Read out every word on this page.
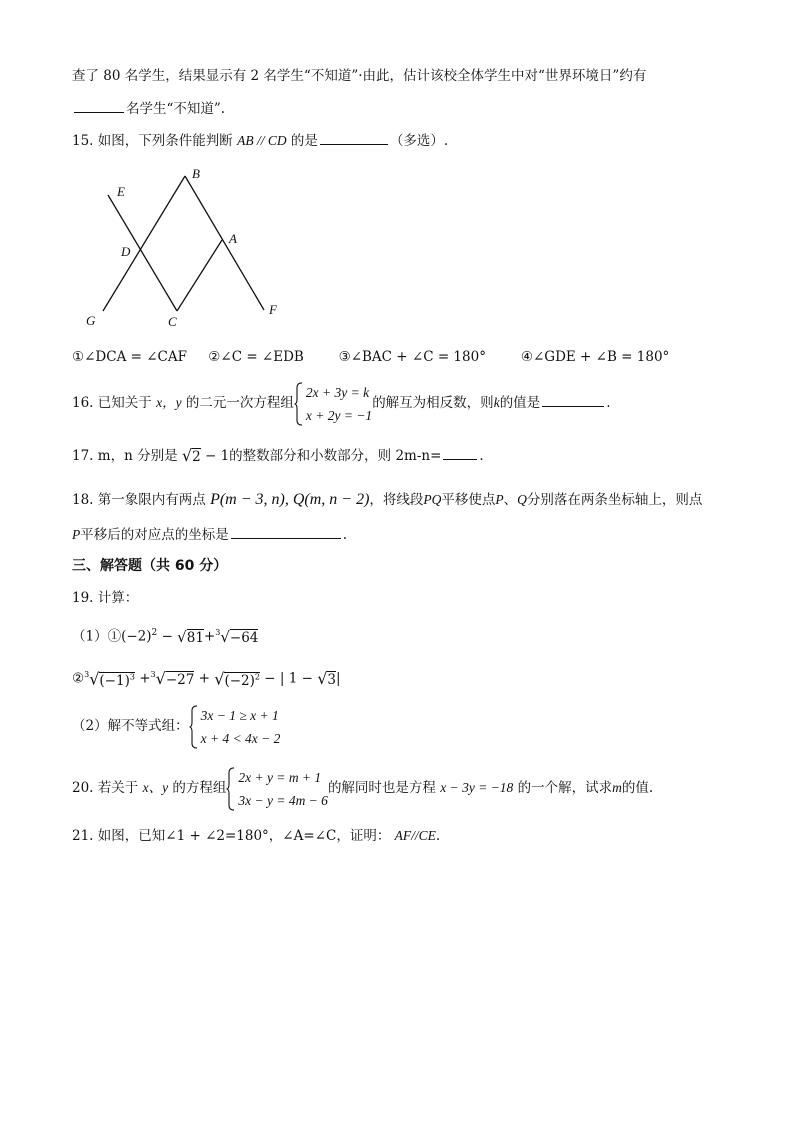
查了 80 名学生，结果显示有 2 名学生“不知道”·由此，估计该校全体学生中对“世界环境日”约有
名学生“不知道”.
15. 如图，下列条件能判断 AB // CD 的是	（多选）.
B
E
A
D
G	C
F
①∠DCA = ∠CAF ②∠C = ∠EDB	③∠BAC + ∠C = 180°	④∠GDE + ∠B = 180°
16. 已知关于 x，y 的二元一次方程组
2x + 3y = k
x + 2y = −1
的解互为相反数，则k的值是	.
17. m，n 分别是 √2 − 1的整数部分和小数部分，则 2m-n=	.
18. 第一象限内有两点 P(m − 3, n), Q(m, n − 2)，将线段PQ平移使点P、Q分别落在两条坐标轴上，则点
P平移后的对应点的坐标是	.
三、解答题（共 60 分）
19. 计算：
$(1)①(-2)^2 - √81+^3√-64$
$②^3√(-1)^3 +^3√-27 + √(-2)^2$ − | 1 − √3|
（2）解不等式组：
3x − 1 ≥ x + 1
x + 4 < 4x − 2
20. 若关于 x、y 的方程组
2x + y = m + 1
3x − y = 4m − 6
的解同时也是方程 x − 3y = −18 的一个解，试求m的值.
21. 如图，已知∠1 + ∠2=180°，∠A=∠C，证明： AF//CE.
